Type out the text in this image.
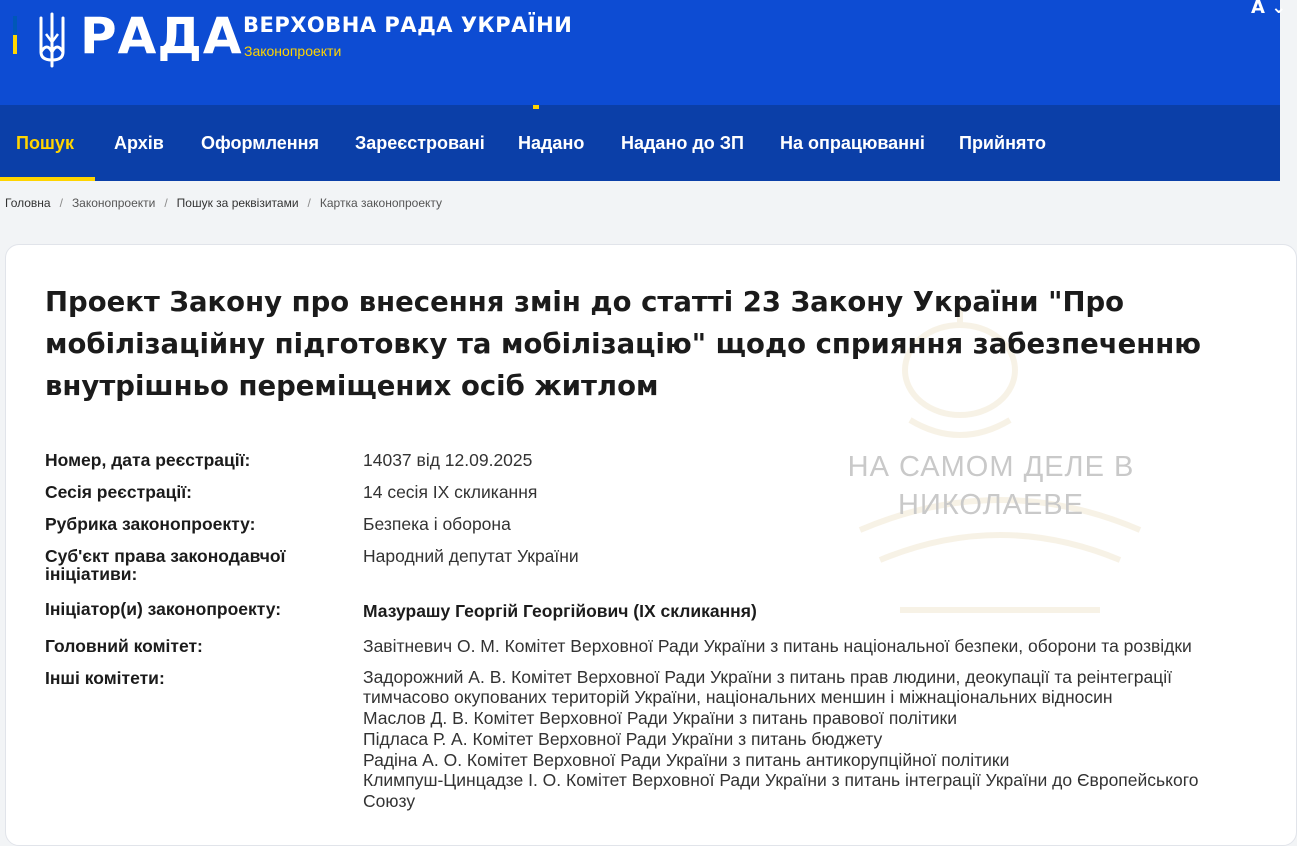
РАДА ВЕРХОВНА РАДА УКРАЇНИ
Законопроекти
A ⌄
Пошук Архів Оформлення Зареєстровані Надано Надано до ЗП На опрацюванні Прийнято
Головна / Законопроекти / Пошук за реквізитами / Картка законопроекту
НА САМОМ ДЕЛЕ В
НИКОЛАЕВЕ
Проект Закону про внесення змін до статті 23 Закону України "Про мобілізаційну підготовку та мобілізацію" щодо сприяння забезпеченню внутрішньо переміщених осіб житлом
Номер, дата реєстрації:	14037 від 12.09.2025
Сесія реєстрації:	14 сесія IX скликання
Рубрика законопроекту:	Безпека і оборона
Суб'єкт права законодавчої ініціативи:
Народний депутат України
Ініціатор(и) законопроекту:	Мазурашу Георгій Георгійович (IX скликання)
Головний комітет:	Завітневич О. М. Комітет Верховної Ради України з питань національної безпеки, оборони та розвідки
Інші комітети:	Задорожний А. В. Комітет Верховної Ради України з питань прав людини, деокупації та реінтеграції
тимчасово окупованих територій України, національних меншин і міжнаціональних відносин
Маслов Д. В. Комітет Верховної Ради України з питань правової політики
Підласа Р. А. Комітет Верховної Ради України з питань бюджету
Радіна А. О. Комітет Верховної Ради України з питань антикорупційної політики
Климпуш-Цинцадзе І. О. Комітет Верховної Ради України з питань інтеграції України до Європейського
Союзу
